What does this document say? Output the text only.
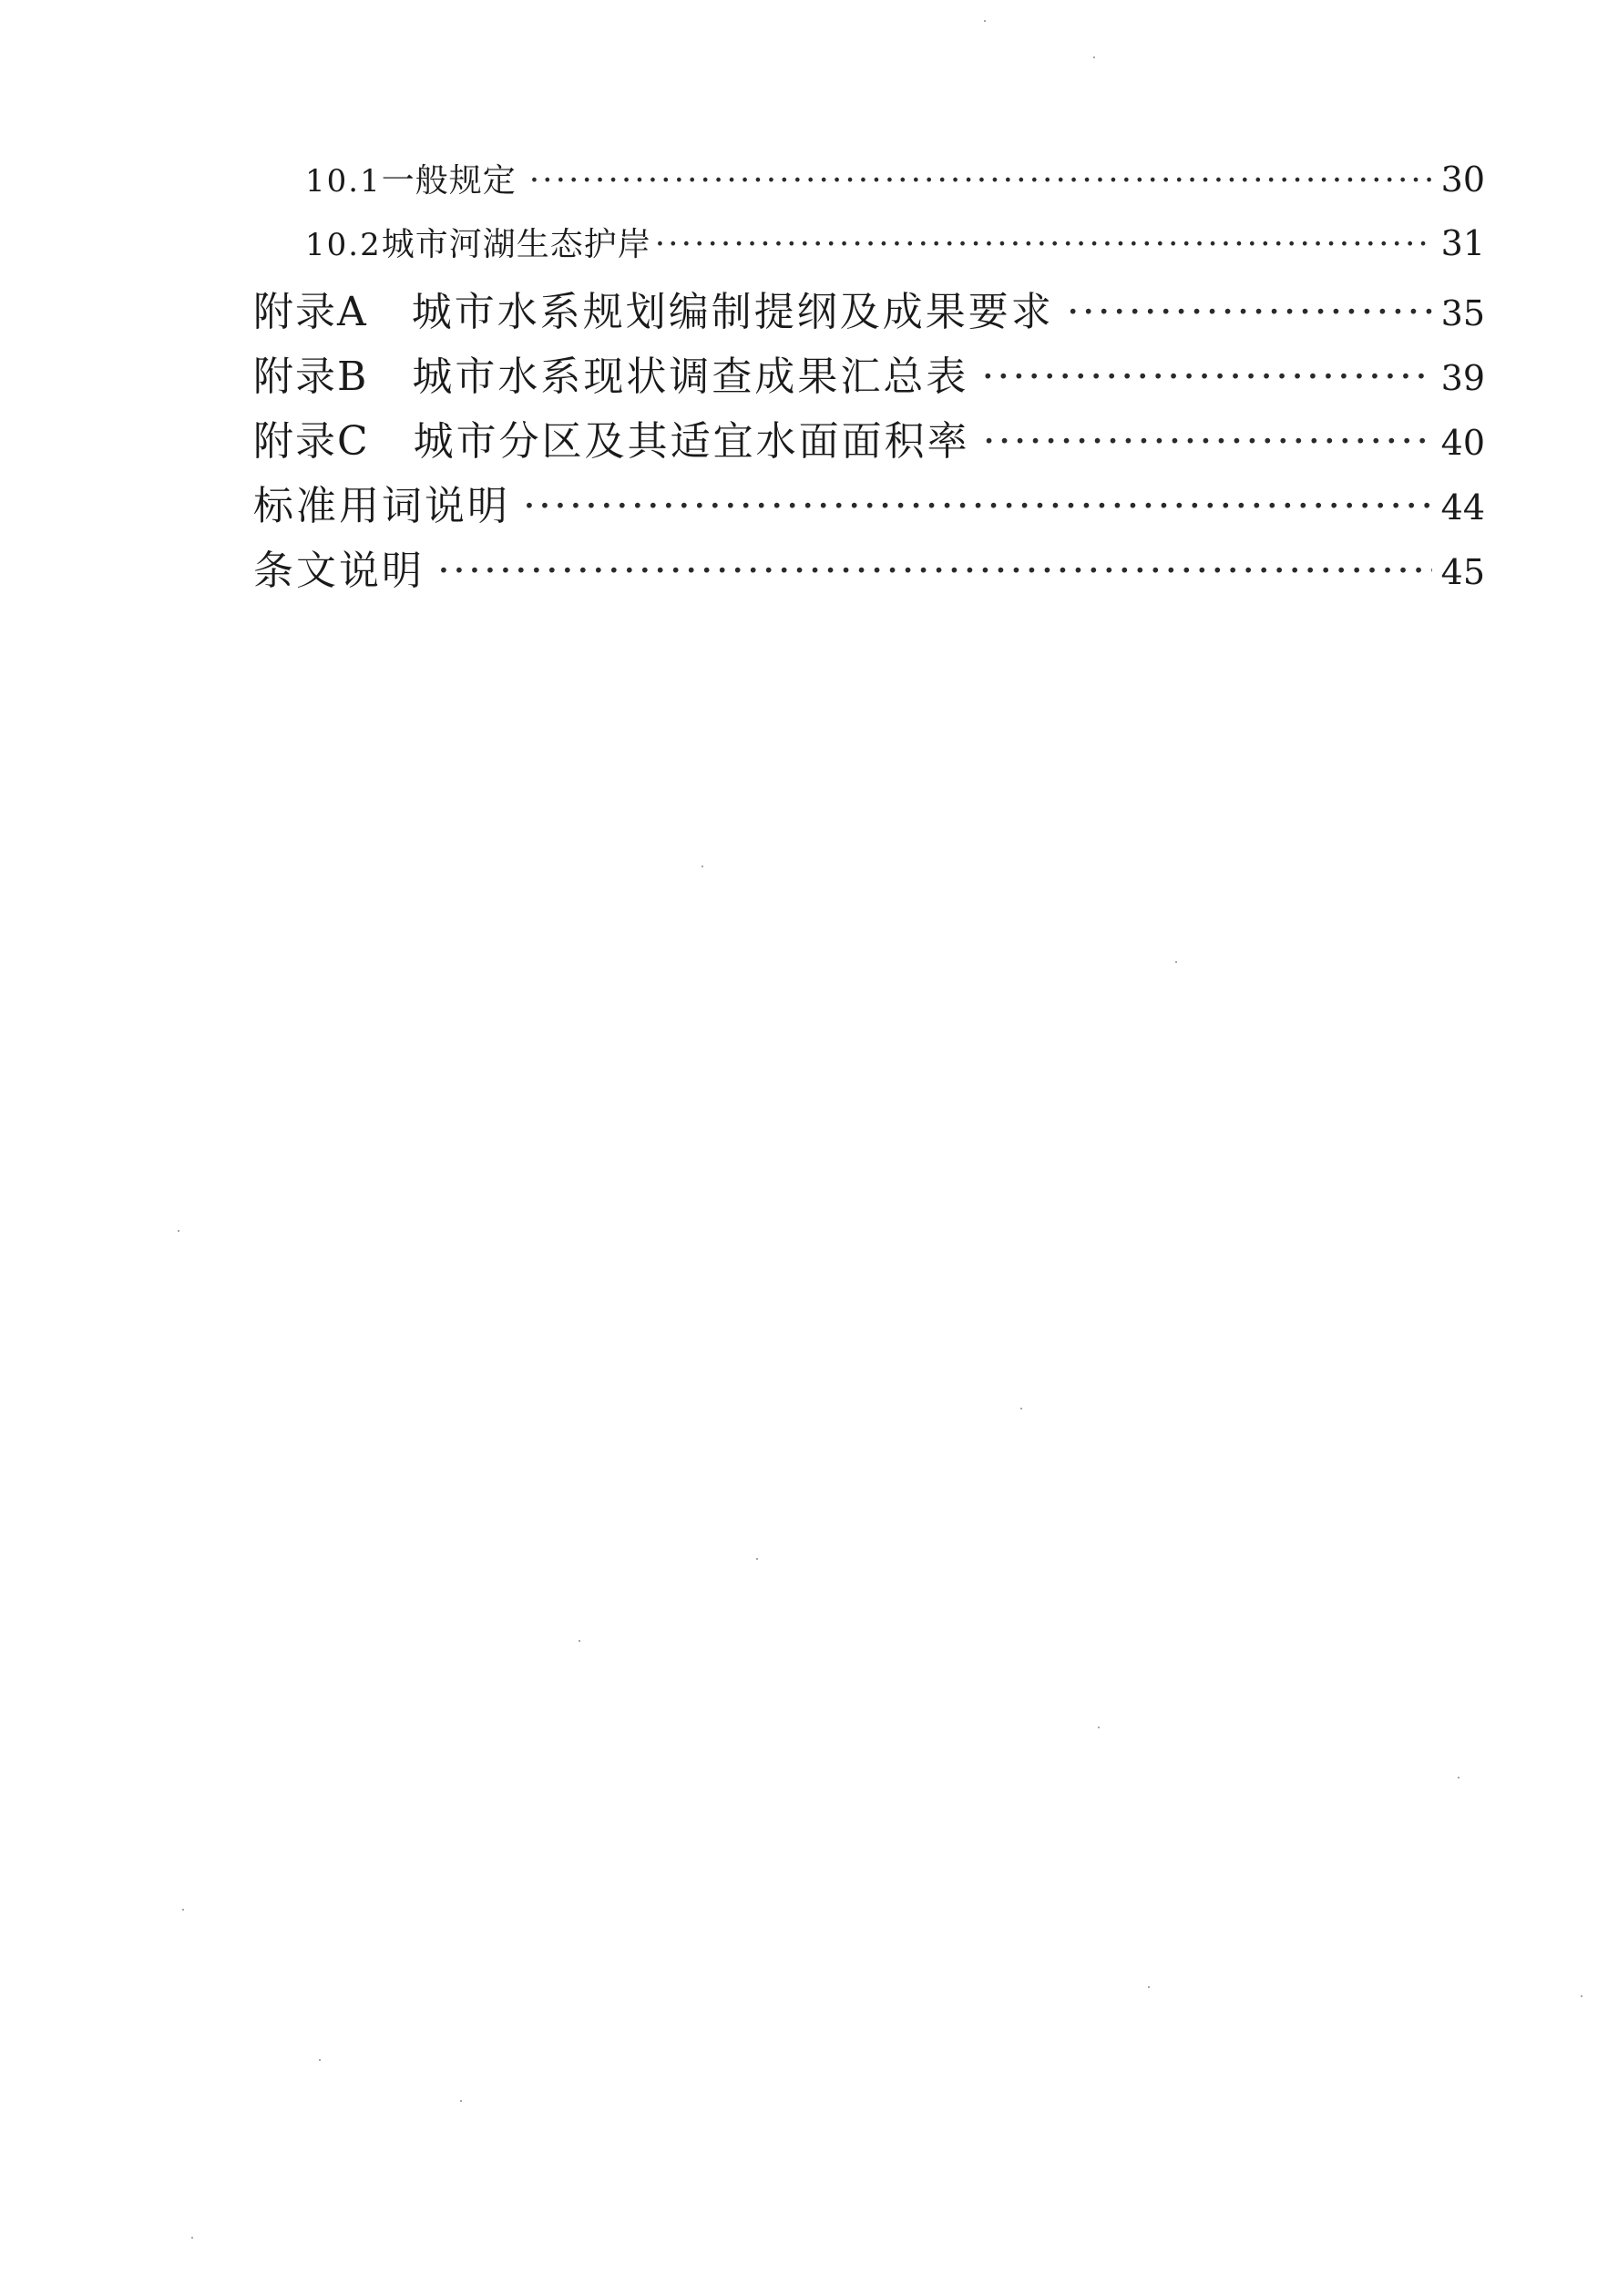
10.1 一般规定 ·····	30
10.2 城市河湖生态护岸 ·····	31
附录A 城市水系规划编制提纲及成果要求 ·····	35
附录B 城市水系现状调查成果汇总表 ·····	39
附录C 城市分区及其适宜水面面积率 ·····	40
标准用词说明 ·····	44
条文说明 ·····	45
